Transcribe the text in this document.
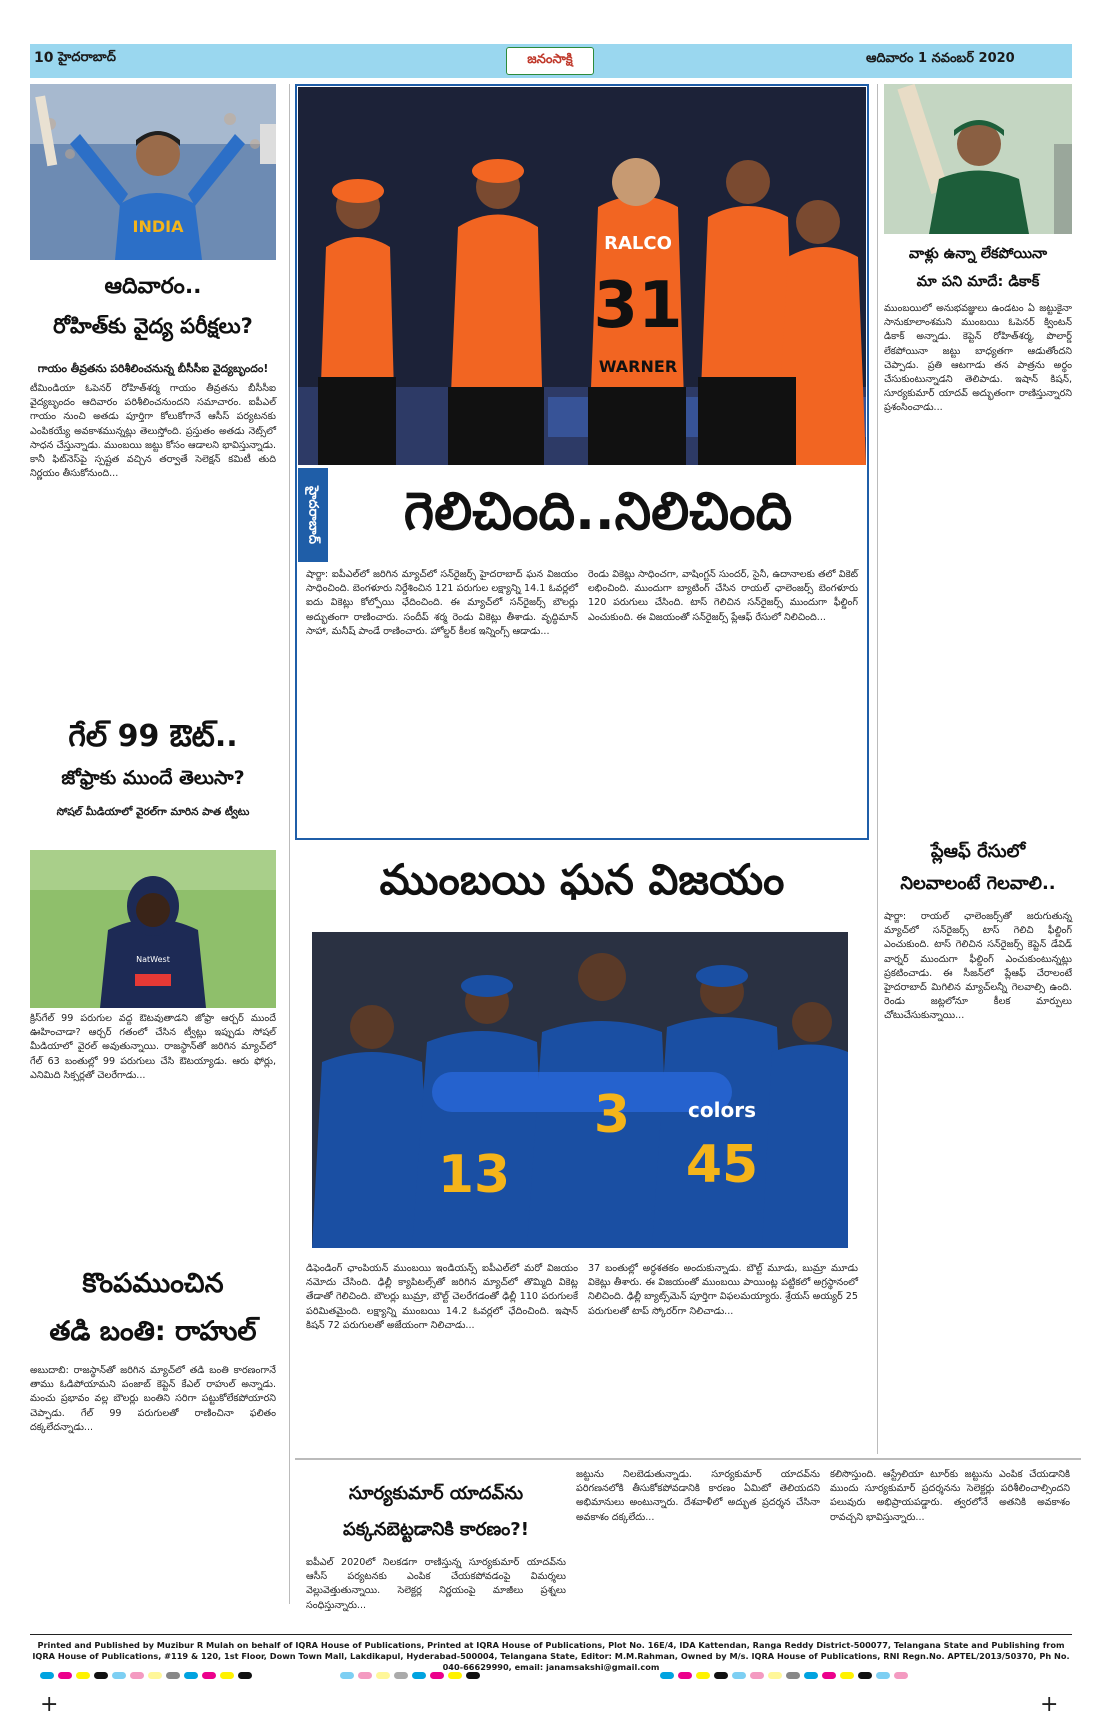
10 హైదరాబాద్	జనంసాక్షి	ఆదివారం 1 నవంబర్ 2020
INDIA
ఆదివారం..
రోహిత్‌కు వైద్య పరీక్షలు?
గాయం తీవ్రతను పరిశీలించనున్న బీసీసీఐ వైద్యబృందం!
టీమిండియా ఓపెనర్ రోహిత్‌శర్మ గాయం తీవ్రతను బీసీసీఐ వైద్యబృందం ఆదివారం పరిశీలించనుందని సమాచారం. ఐపీఎల్ గాయం నుంచి అతడు పూర్తిగా కోలుకోగానే ఆసీస్ పర్యటనకు ఎంపికయ్యే అవకాశమున్నట్లు తెలుస్తోంది. ప్రస్తుతం అతడు నెట్స్‌లో సాధన చేస్తున్నాడు. ముంబయి జట్టు కోసం ఆడాలని భావిస్తున్నాడు. కానీ ఫిట్‌నెస్‌పై స్పష్టత వచ్చిన తర్వాతే సెలెక్షన్ కమిటీ తుది నిర్ణయం తీసుకోనుంది...
గేల్ 99 ఔట్..
జోఫ్రాకు ముందే తెలుసా?
సోషల్ మీడియాలో వైరల్‌గా మారిన పాత ట్వీటు
NatWest
క్రిస్‌గేల్ 99 పరుగుల వద్ద ఔటవుతాడని జోఫ్రా ఆర్చర్ ముందే ఊహించాడా? ఆర్చర్ గతంలో చేసిన ట్వీట్లు ఇప్పుడు సోషల్ మీడియాలో వైరల్ అవుతున్నాయి. రాజస్థాన్‌తో జరిగిన మ్యాచ్‌లో గేల్ 63 బంతుల్లో 99 పరుగులు చేసి ఔటయ్యాడు. ఆరు ఫోర్లు, ఎనిమిది సిక్సర్లతో చెలరేగాడు...
కొంపముంచిన
తడి బంతి: రాహుల్
అబుదాబి: రాజస్థాన్‌తో జరిగిన మ్యాచ్‌లో తడి బంతి కారణంగానే తాము ఓడిపోయామని పంజాబ్ కెప్టెన్ కేఎల్ రాహుల్ అన్నాడు. మంచు ప్రభావం వల్ల బౌలర్లు బంతిని సరిగా పట్టుకోలేకపోయారని చెప్పాడు. గేల్ 99 పరుగులతో రాణించినా ఫలితం దక్కలేదన్నాడు...
31
WARNER
RALCO
హైదరాబాద్	గెలిచింది..నిలిచింది
షార్జా: ఐపీఎల్‌లో జరిగిన మ్యాచ్‌లో సన్‌రైజర్స్ హైదరాబాద్ ఘన విజయం సాధించింది. బెంగళూరు నిర్దేశించిన 121 పరుగుల లక్ష్యాన్ని 14.1 ఓవర్లలో ఐదు వికెట్లు కోల్పోయి ఛేదించింది. ఈ మ్యాచ్‌లో సన్‌రైజర్స్ బౌలర్లు అద్భుతంగా రాణించారు. సందీప్ శర్మ రెండు వికెట్లు తీశాడు. వృద్ధిమాన్ సాహా, మనీష్ పాండే రాణించారు. హోల్డర్ కీలక ఇన్నింగ్స్ ఆడాడు...
రెండు వికెట్లు సాధించగా, వాషింగ్టన్ సుందర్, సైనీ, ఉదానాలకు తలో వికెట్ లభించింది. ముందుగా బ్యాటింగ్ చేసిన రాయల్ ఛాలెంజర్స్ బెంగళూరు 120 పరుగులు చేసింది. టాస్ గెలిచిన సన్‌రైజర్స్ ముందుగా ఫీల్డింగ్ ఎంచుకుంది. ఈ విజయంతో సన్‌రైజర్స్ ప్లేఆఫ్ రేసులో నిలిచింది...
ముంబయి ఘన విజయం
13
3
45
colors
డిఫెండింగ్ ఛాంపియన్ ముంబయి ఇండియన్స్ ఐపీఎల్‌లో మరో విజయం నమోదు చేసింది. ఢిల్లీ క్యాపిటల్స్‌తో జరిగిన మ్యాచ్‌లో తొమ్మిది వికెట్ల తేడాతో గెలిచింది. బౌలర్లు బుమ్రా, బౌల్ట్ చెలరేగడంతో ఢిల్లీ 110 పరుగులకే పరిమితమైంది. లక్ష్యాన్ని ముంబయి 14.2 ఓవర్లలో ఛేదించింది. ఇషాన్ కిషన్ 72 పరుగులతో అజేయంగా నిలిచాడు...
37 బంతుల్లో అర్ధశతకం అందుకున్నాడు. బౌల్ట్ మూడు, బుమ్రా మూడు వికెట్లు తీశారు. ఈ విజయంతో ముంబయి పాయింట్ల పట్టికలో అగ్రస్థానంలో నిలిచింది. ఢిల్లీ బ్యాట్స్‌మెన్ పూర్తిగా విఫలమయ్యారు. శ్రేయస్ అయ్యర్ 25 పరుగులతో టాప్ స్కోరర్‌గా నిలిచాడు...
సూర్యకుమార్ యాదవ్‌ను పక్కనబెట్టడానికి కారణం?!
ఐపీఎల్ 2020లో నిలకడగా రాణిస్తున్న సూర్యకుమార్ యాదవ్‌ను ఆసీస్ పర్యటనకు ఎంపిక చేయకపోవడంపై విమర్శలు వెల్లువెత్తుతున్నాయి. సెలెక్టర్ల నిర్ణయంపై మాజీలు ప్రశ్నలు సంధిస్తున్నారు...
జట్టును నిలబెడుతున్నాడు. సూర్యకుమార్ యాదవ్‌ను పరిగణనలోకి తీసుకోకపోవడానికి కారణం ఏమిటో తెలియదని అభిమానులు అంటున్నారు. దేశవాళీలో అద్భుత ప్రదర్శన చేసినా అవకాశం దక్కలేదు...
కలిసొస్తుంది. ఆస్ట్రేలియా టూర్‌కు జట్టును ఎంపిక చేయడానికి ముందు సూర్యకుమార్ ప్రదర్శనను సెలెక్టర్లు పరిశీలించాల్సిందని పలువురు అభిప్రాయపడ్డారు. త్వరలోనే అతనికి అవకాశం రావచ్చని భావిస్తున్నారు...
వాళ్లు ఉన్నా లేకపోయినా
మా పని మాదే: డికాక్
ముంబయిలో అనుభవజ్ఞులు ఉండటం ఏ జట్టుకైనా సానుకూలాంశమని ముంబయి ఓపెనర్ క్వింటన్ డికాక్ అన్నాడు. కెప్టెన్ రోహిత్‌శర్మ, పొలార్డ్ లేకపోయినా జట్టు బాధ్యతగా ఆడుతోందని చెప్పాడు. ప్రతి ఆటగాడు తన పాత్రను అర్థం చేసుకుంటున్నాడని తెలిపాడు. ఇషాన్ కిషన్, సూర్యకుమార్ యాదవ్ అద్భుతంగా రాణిస్తున్నారని ప్రశంసించాడు...
ప్లేఆఫ్ రేసులో
నిలవాలంటే గెలవాలి..
షార్జా: రాయల్ ఛాలెంజర్స్‌తో జరుగుతున్న మ్యాచ్‌లో సన్‌రైజర్స్ టాస్ గెలిచి ఫీల్డింగ్ ఎంచుకుంది. టాస్ గెలిచిన సన్‌రైజర్స్ కెప్టెన్ డేవిడ్ వార్నర్ ముందుగా ఫీల్డింగ్ ఎంచుకుంటున్నట్లు ప్రకటించాడు. ఈ సీజన్‌లో ప్లేఆఫ్ చేరాలంటే హైదరాబాద్ మిగిలిన మ్యాచ్‌లన్నీ గెలవాల్సి ఉంది. రెండు జట్లలోనూ కీలక మార్పులు చోటుచేసుకున్నాయి...
Printed and Published by Muzibur R Mulah on behalf of IQRA House of Publications, Printed at IQRA House of Publications, Plot No. 16E/4, IDA Kattendan, Ranga Reddy District-500077, Telangana State and Publishing from IQRA House of Publications, #119 & 120, 1st Floor, Down Town Mall, Lakdikapul, Hyderabad-500004, Telangana State, Editor: M.M.Rahman, Owned by M/s. IQRA House of Publications, RNI Regn.No. APTEL/2013/50370, Ph No. 040-66629990, email: janamsakshi@gmail.com
+	+
